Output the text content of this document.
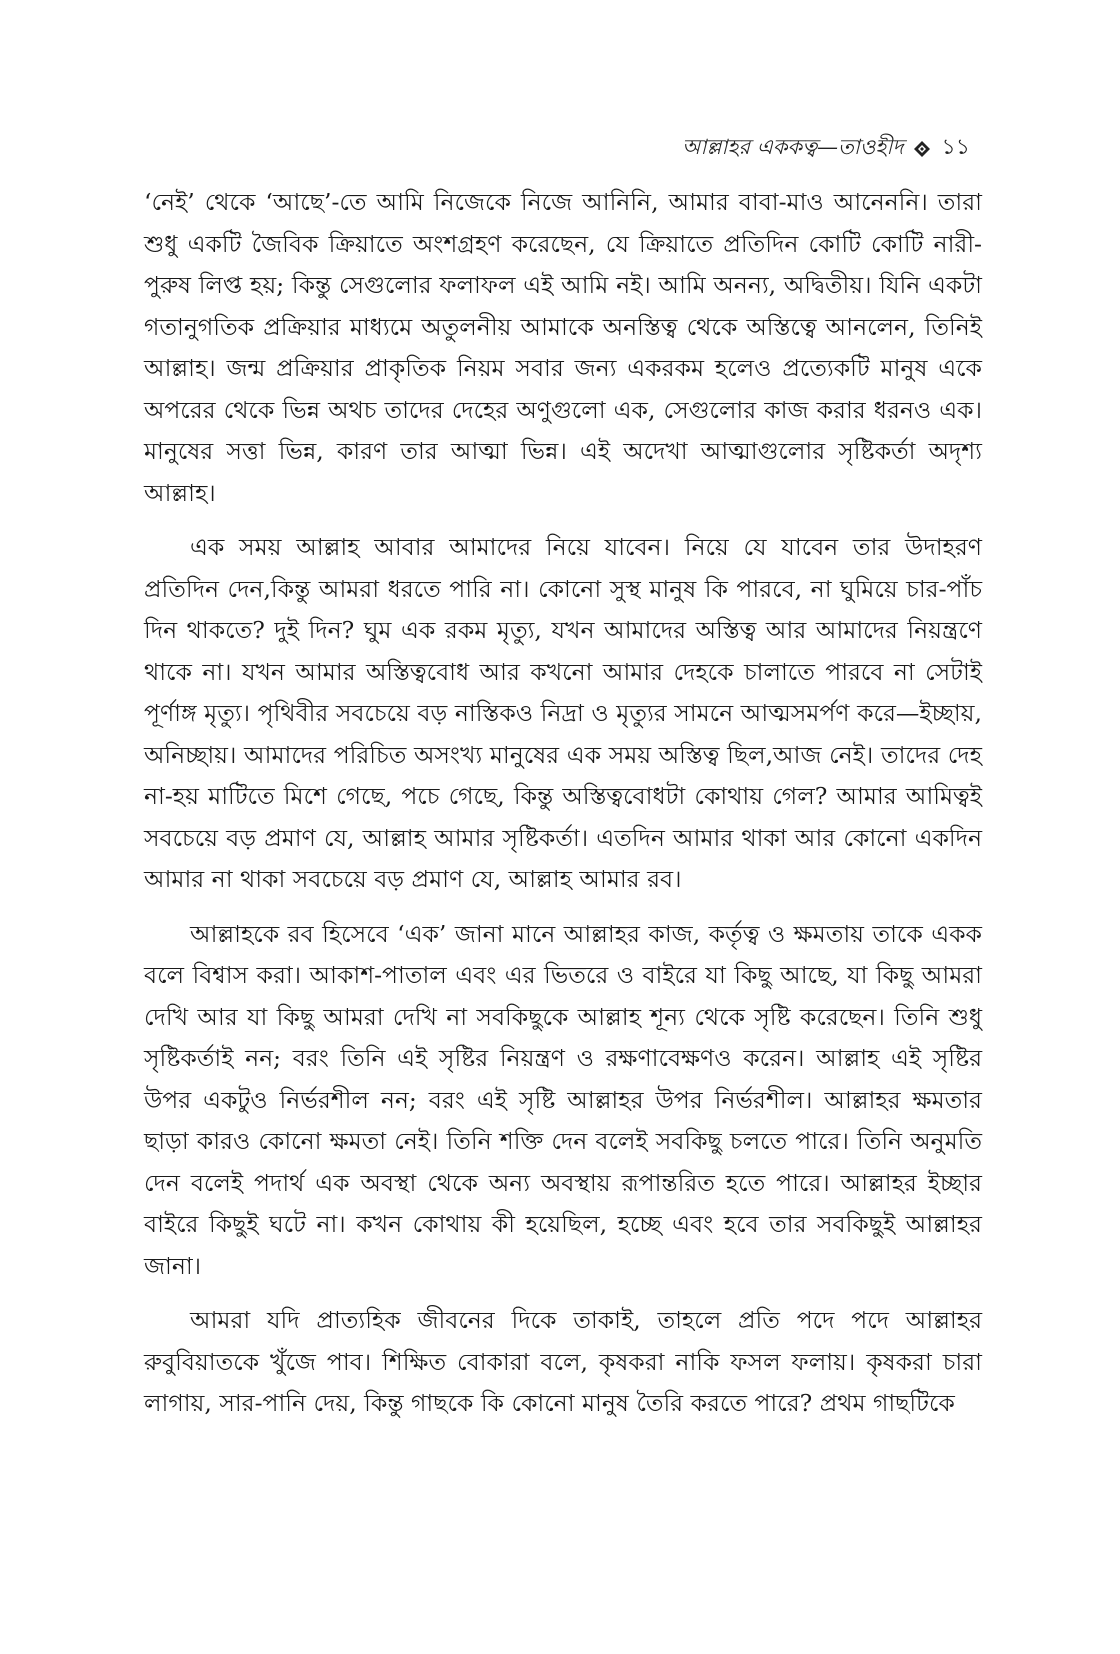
আল্লাহর এককত্ব—তাওহীদ ১১

‘নেই’ থেকে ‘আছে’-তে আমি নিজেকে নিজে আনিনি, আমার বাবা-মাও আনেননি। তারা শুধু একটি জৈবিক ক্রিয়াতে অংশগ্রহণ করেছেন, যে ক্রিয়াতে প্রতিদিন কোটি কোটি নারী-পুরুষ লিপ্ত হয়; কিন্তু সেগুলোর ফলাফল এই আমি নই। আমি অনন্য, অদ্বিতীয়। যিনি একটা গতানুগতিক প্রক্রিয়ার মাধ্যমে অতুলনীয় আমাকে অনস্তিত্ব থেকে অস্তিত্বে আনলেন, তিনিই আল্লাহ। জন্ম প্রক্রিয়ার প্রাকৃতিক নিয়ম সবার জন্য একরকম হলেও প্রত্যেকটি মানুষ একে অপরের থেকে ভিন্ন অথচ তাদের দেহের অণুগুলো এক, সেগুলোর কাজ করার ধরনও এক। মানুষের সত্তা ভিন্ন, কারণ তার আত্মা ভিন্ন। এই অদেখা আত্মাগুলোর সৃষ্টিকর্তা অদৃশ্য আল্লাহ।

এক সময় আল্লাহ আবার আমাদের নিয়ে যাবেন। নিয়ে যে যাবেন তার উদাহরণ প্রতিদিন দেন,কিন্তু আমরা ধরতে পারি না। কোনো সুস্থ মানুষ কি পারবে, না ঘুমিয়ে চার-পাঁচ দিন থাকতে? দুই দিন? ঘুম এক রকম মৃত্যু, যখন আমাদের অস্তিত্ব আর আমাদের নিয়ন্ত্রণে থাকে না। যখন আমার অস্তিত্ববোধ আর কখনো আমার দেহকে চালাতে পারবে না সেটাই পূর্ণাঙ্গ মৃত্যু। পৃথিবীর সবচেয়ে বড় নাস্তিকও নিদ্রা ও মৃত্যুর সামনে আত্মসমর্পণ করে—ইচ্ছায়, অনিচ্ছায়। আমাদের পরিচিত অসংখ্য মানুষের এক সময় অস্তিত্ব ছিল,আজ নেই। তাদের দেহ না-হয় মাটিতে মিশে গেছে, পচে গেছে, কিন্তু অস্তিত্ববোধটা কোথায় গেল? আমার আমিত্বই সবচেয়ে বড় প্রমাণ যে, আল্লাহ আমার সৃষ্টিকর্তা। এতদিন আমার থাকা আর কোনো একদিন আমার না থাকা সবচেয়ে বড় প্রমাণ যে, আল্লাহ আমার রব।

আল্লাহকে রব হিসেবে ‘এক’ জানা মানে আল্লাহর কাজ, কর্তৃত্ব ও ক্ষমতায় তাকে একক বলে বিশ্বাস করা। আকাশ-পাতাল এবং এর ভিতরে ও বাইরে যা কিছু আছে, যা কিছু আমরা দেখি আর যা কিছু আমরা দেখি না সবকিছুকে আল্লাহ শূন্য থেকে সৃষ্টি করেছেন। তিনি শুধু সৃষ্টিকর্তাই নন; বরং তিনি এই সৃষ্টির নিয়ন্ত্রণ ও রক্ষণাবেক্ষণও করেন। আল্লাহ এই সৃষ্টির উপর একটুও নির্ভরশীল নন; বরং এই সৃষ্টি আল্লাহর উপর নির্ভরশীল। আল্লাহর ক্ষমতার ছাড়া কারও কোনো ক্ষমতা নেই। তিনি শক্তি দেন বলেই সবকিছু চলতে পারে। তিনি অনুমতি দেন বলেই পদার্থ এক অবস্থা থেকে অন্য অবস্থায় রূপান্তরিত হতে পারে। আল্লাহর ইচ্ছার বাইরে কিছুই ঘটে না। কখন কোথায় কী হয়েছিল, হচ্ছে এবং হবে তার সবকিছুই আল্লাহর জানা।

আমরা যদি প্রাত্যহিক জীবনের দিকে তাকাই, তাহলে প্রতি পদে পদে আল্লাহর রুবুবিয়াতকে খুঁজে পাব। শিক্ষিত বোকারা বলে, কৃষকরা নাকি ফসল ফলায়। কৃষকরা চারা লাগায়, সার-পানি দেয়, কিন্তু গাছকে কি কোনো মানুষ তৈরি করতে পারে? প্রথম গাছটিকে
